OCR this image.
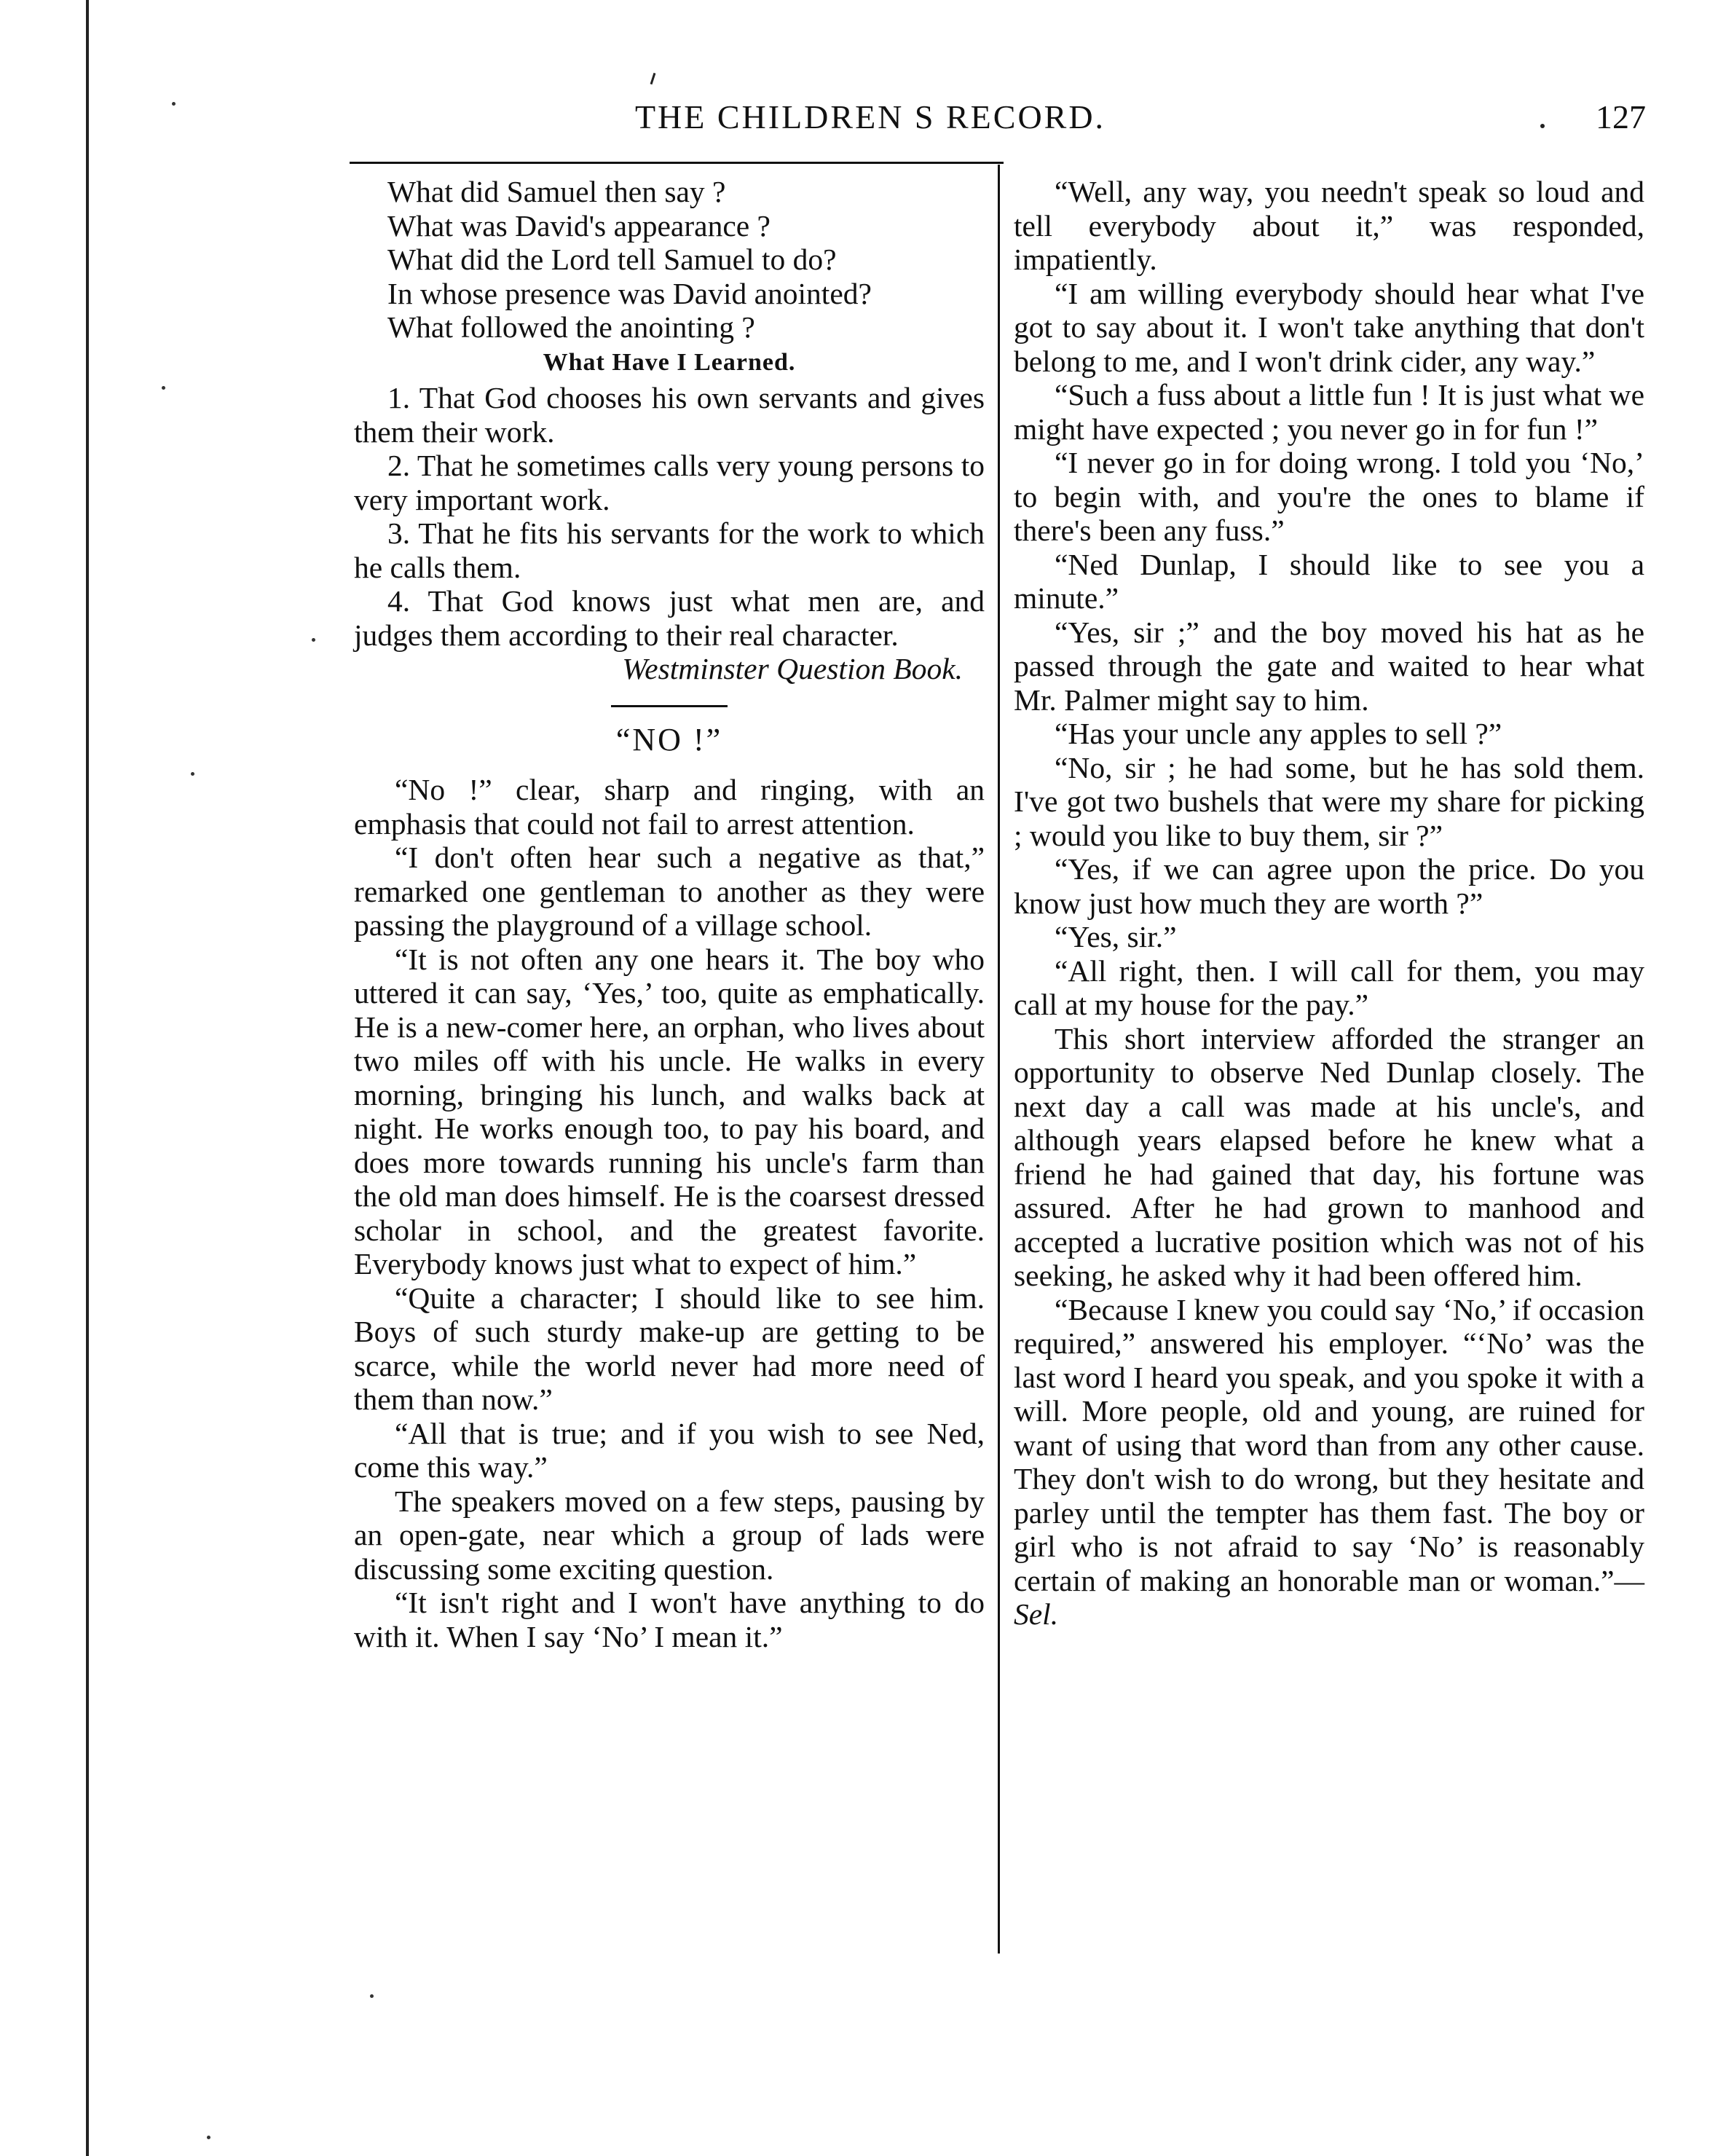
THE CHILDREN S RECORD.	127

What did Samuel then say ?

What was David's appearance ?

What did the Lord tell Samuel to do?

In whose presence was David anointed?

What followed the anointing ?

What Have I Learned.

1. That God chooses his own servants and gives them their work.

2. That he sometimes calls very young persons to very important work.

3. That he fits his servants for the work to which he calls them.

4. That God knows just what men are, and judges them according to their real character.

Westminster Question Book.

“NO !”

“No !” clear, sharp and ringing, with an emphasis that could not fail to arrest attention.

“I don't often hear such a negative as that,” remarked one gentleman to another as they were passing the playground of a village school.

“It is not often any one hears it. The boy who uttered it can say, ‘Yes,’ too, quite as emphatically. He is a new-comer here, an orphan, who lives about two miles off with his uncle. He walks in every morning, bringing his lunch, and walks back at night. He works enough too, to pay his board, and does more towards running his uncle's farm than the old man does himself. He is the coarsest dressed scholar in school, and the greatest favorite. Everybody knows just what to expect of him.”

“Quite a character; I should like to see him. Boys of such sturdy make-up are getting to be scarce, while the world never had more need of them than now.”

“All that is true; and if you wish to see Ned, come this way.”

The speakers moved on a few steps, pausing by an open-gate, near which a group of lads were discussing some exciting question.

“It isn't right and I won't have anything to do with it. When I say ‘No’ I mean it.”

“Well, any way, you needn't speak so loud and tell everybody about it,” was responded, impatiently.

“I am willing everybody should hear what I've got to say about it. I won't take anything that don't belong to me, and I won't drink cider, any way.”

“Such a fuss about a little fun ! It is just what we might have expected ; you never go in for fun !”

“I never go in for doing wrong. I told you ‘No,’ to begin with, and you're the ones to blame if there's been any fuss.”

“Ned Dunlap, I should like to see you a minute.”

“Yes, sir ;” and the boy moved his hat as he passed through the gate and waited to hear what Mr. Palmer might say to him.

“Has your uncle any apples to sell ?”

“No, sir ; he had some, but he has sold them. I've got two bushels that were my share for picking ; would you like to buy them, sir ?”

“Yes, if we can agree upon the price. Do you know just how much they are worth ?”

“Yes, sir.”

“All right, then. I will call for them, you may call at my house for the pay.”

This short interview afforded the stranger an opportunity to observe Ned Dunlap closely. The next day a call was made at his uncle's, and although years elapsed before he knew what a friend he had gained that day, his fortune was assured. After he had grown to manhood and accepted a lucrative position which was not of his seeking, he asked why it had been offered him.

“Because I knew you could say ‘No,’ if occasion required,” answered his employer. “‘No’ was the last word I heard you speak, and you spoke it with a will. More people, old and young, are ruined for want of using that word than from any other cause. They don't wish to do wrong, but they hesitate and parley until the tempter has them fast. The boy or girl who is not afraid to say ‘No’ is reasonably certain of making an honorable man or woman.”—Sel.
